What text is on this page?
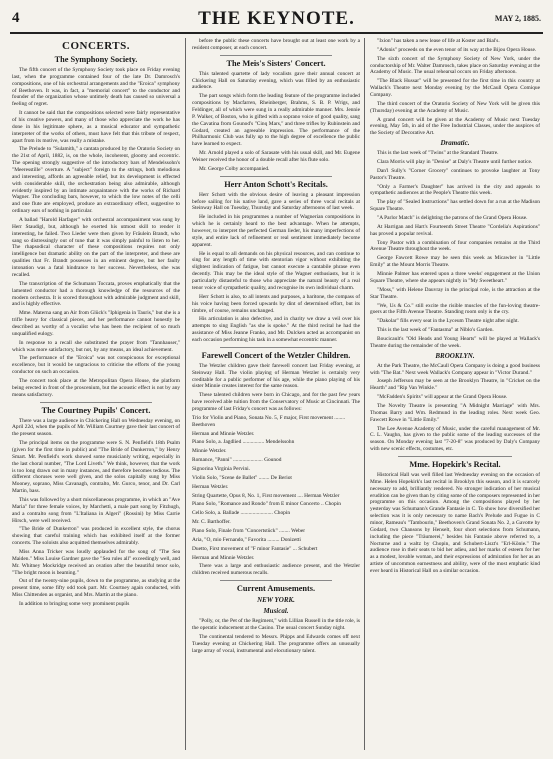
4	THE KEYNOTE.	MAY 2, 1885.
CONCERTS.
The Symphony Society.

The fifth concert of the Symphony Society took place on Friday evening last, when the programme contained four of the late Dr. Damrosch's compositions, one of his orchestral arrangements and the "Eroica" symphony of Beethoven. It was, in fact, a "memorial concert" to the conductor and founder of the organization whose untimely death has caused so universal a feeling of regret.

It cannot be said that the compositions selected were fairly representative of his creative powers, and many of those who appreciate the work he has done in his legitimate sphere, as a musical educator and sympathetic interpreter of the works of others, must have felt that this tribute of respect, apart from its motive, was really a mistake.

The Prelude to "Sulamith," a cantata produced by the Oratorio Society on the 21st of April, 1882, is, on the whole, incoherent, gloomy and eccentric. The opening strongly suggestive of the introductory bars of Mendelssohn's "Meeresstille" overture. A "subject" foreign to the strings, both melodious and interesting, affords an agreeable relief, but its development is effected with considerable skill, the orchestration being also admirable, although evidently inspired by an intimate acquaintance with the works of Richard Wagner. The concluding bars, however, to which the low notes of the celli and one flute are employed, produce an extraordinary effect, suggestive to ordinary ears of nothing in particular.

A ballad "Harold Harfager" with orchestral accompaniment was sung by Herr Staudigl, but, although he exerted his utmost skill to render it interesting, he failed. Two Lieder were then given by Fräulein Brandt, who sang so distressingly out of tune that it was simply painful to listen to her. The rhapsodical character of these compositions requires not only intelligence but dramatic ability on the part of the interpreter, and these are qualities that Fr. Brandt possesses in an eminent degree, but her faulty intonation was a fatal hindrance to her success. Nevertheless, she was recalled.

The transcription of the Schumann Toccata, proves emphatically that the lamented conductor had a thorough knowledge of the resources of the modern orchestra. It is scored throughout with admirable judgment and skill, and is highly effective.

Mme. Materna sang an Air from Glück's "Iphigenia in Tauris," but she is a trifle heavy for classical pieces, and her performance cannot honestly be described as worthy of a vocalist who has been the recipient of so much unqualified eulogy.

In response to a recall she substituted the prayer from "Tannhauser," which was more satisfactory, but not, by any means, an ideal achievement.

The performance of the "Eroica" was not conspicuous for exceptional excellence, but it would be ungracious to criticise the efforts of the young conductor on such an occasion.

The concert took place at the Metropolitan Opera House, the platform being erected in front of the proscenium, but the acoustic effect is not by any means satisfactory.

The Courtney Pupils' Concert.

There was a large audience in Chickering Hall on Wednesday evening, on April 22d, when the pupils of Mr. William Courtney gave their last concert of the present season.

The principal items on the programme were S. N. Penfield's 18th Psalm (given for the first time in public) and "The Bride of Dunkerron," by Henry Smart. Mr. Penfield's work showed some musicianly writing, especially in the last choral number, "The Lord Liveth." We think, however, that the work is too long drawn out in many instances, and therefore becomes tedious. The different choruses were well given, and the solos capitally sung by Miss Mooney, soprano, Miss Cavanagh, contralto, Mr. Gurco, tenor, and Dr. Carl Martin, bass.

This was followed by a short miscellaneous programme, in which an "Ave Maria" for three female voices, by Marchetti, a male part song by Fitzhugh, and a contralto song from "L'Italiana in Algeri" (Rossini) by Miss Carrie Hirsch, were well received.

"The Bride of Dunkerron" was produced in excellent style, the chorus showing that careful training which has exhibited itself at the former concerts. The soloists also acquitted themselves admirably.

Miss Anna Tricker was loudly applauded for the song of "The Sea Maiden." Miss Louise Gardner gave the "Sea rules all" exceedingly well, and Mr. Whitney Mockridge received an ovation after the beautiful tenor solo, "The bright moon is beaming."

Out of the twenty-nine pupils, down to the programme, as studying at the present time, some fifty odd took part. Mr. Courtney again conducted, with Miss Chittenden as organist, and Mrs. Martin at the piano.

In addition to bringing some very prominent pupils

before the public these concerts have brought out at least one work by a resident composer, at each concert.

The Meis's Sisters' Concert.

This talented quartette of lady vocalists gave their annual concert at Chickering Hall on Saturday evening, which was filled by an enthusiastic audience.

The part songs which form the leading feature of the programme included compositions by Macfarren, Rheinberger, Brahms, S. B. P. Wrigs, and Feldinger, all of which were sung in a really admirable manner. Mrs. Jennie P. Walker, of Boston, who is gifted with a soprano voice of good quality, sang the Cavatina from Gounod's "Cinq Mars," and three trifles by Rubinstein and Godard, created an agreeable impression. The performance of the Philharmonic Club was fully up to the high degree of excellence the public have learned to expect.

Mr. Arnold played a solo of Sarasate with his usual skill, and Mr. Eugene Weiner received the honor of a double recall after his flute solo.

Mr. George Colby accompanied.

Herr Anton Schott's Recitals.

Herr Schott with the obvious desire of leaving a pleasant impression before sailing for his native land, gave a series of three vocal recitals at Steinway Hall on Tuesday, Thursday and Saturday afternoons of last week.

He included in his programmes a number of Wagnerian compositions in which he is certainly heard to the best advantage. When he attempts, however, to interpret the perfected German lieder, his many imperfections of style, and entire lack of refinement or real sentiment immediately become apparent.

He is equal to all demands on his physical resources, and can continue to sing for any length of time with stentorian vigor without exhibiting the slightest indication of fatigue, but cannot execute a cantabile phrase even decently. This may be the ideal style of the Wagner enthusiasts, but it is particularly distasteful to those who appreciate the natural beauty of a real tenor voice of sympathetic quality, and recognise its own individual charm.

Herr Schott is also, to all intents and purposes, a baritone, the compass of his voice having been forced upwards by dint of determined effort, but its timbre, of course, remains unchanged.

His articulation is also defective, and in charity we draw a veil over his attempts to sing English "as she is spoke." At the third recital he had the assistance of Miss Jeanne Franko, and Mr. Dulcken acted as accompanist on each occasion performing his task in a somewhat eccentric manner.

Farewell Concert of the Wetzler Children.

The Wetzler children gave their farewell concert last Friday evening, at Steinway Hall. The violin playing of Herman Wetzler is certainly very creditable for a public performer of his age, while the piano playing of his sister Minnie creates interest for the same reason.

These talented children were born in Chicago, and for the past few years have received able tuition from the Conservatory of Music at Cincinnati. The programme of last Friday's concert was as follows:

Trio for Violin and Piano, Sonata No. 5, F major, First movement ........ Beethoven

Herman and Minnie Wetzler.

Piano Solo, a. Jagdlied ................ Mendelssohn

Minnie Wetzler.

Romance, "Panni" ...................... Gounod

Signorina Virginia Pervini.

Violin Solo, "Scene de Ballet" ........ De Beriot

Herman Wetzler.

String Quartette, Opus 8, No. 1, First movement .... Herman Wetzler

Piano Solo, "Romance and Rondo" from E minor Concerto .. Chopin

Cello Solo, a. Ballade ........................ Chopin

Mr. C. Barthoffer.

Piano Solo, Finale from "Concertstück" ........ Weber

Aria, "O, mio Fernando," Favorita ......... Donizetti

Duetto, First movement of "F minor Fantasie" ... Schubert

Herman and Minnie Wetzler.

There was a large and enthusiastic audience present, and the Wetzler children received numerous recalls.

Current Amusements.
NEW YORK.
Musical.

"Polly, or, the Pet of the Regiment," with Lillian Russell in the title role, is the operatic inducement at the Casino. The usual concert Sunday night.

The continental tendered to Messrs. Phipps and Edwards comes off next Tuesday evening at Chickering Hall. The programme offers an unusually large array of vocal, instrumental and elocutionary talent.

"Ixion" has taken a new lease of life at Koster and Bial's.

"Adonis" proceeds on the even tenor of its way at the Bijou Opera House.

The sixth concert of the Symphony Society of New York, under the conductorship of Mr. Walter Damrosch, takes place on Saturday evening at the Academy of Music. The usual rehearsal occurs on Friday afternoon.

"The Black Hussar" will be presented for the first time in this country at Wallack's Theatre next Monday evening by the McCaull Opera Comique Company.

The third concert of the Oratorio Society of New York will be given this (Thursday) evening at the Academy of Music.

A grand concert will be given at the Academy of Music next Tuesday evening, May 5th, in aid of the Free Industrial Classes, under the auspices of the Society of Decorative Art.

Dramatic.

This is the last week of "Twins" at the Standard Theatre.

Clara Morris will play in "Denise" at Daly's Theatre until further notice.

Dan'l Sully's "Corner Grocery" continues to provoke laughter at Tony Pastor's Theatre.

"Only a Farmer's Daughter" has arrived in the city and appeals to sympathetic audiences at the People's Theatre this week.

The play of "Sealed Instructions" has settled down for a run at the Madison Square Theatre.

"A Parlor Match" is delighting the patrons of the Grand Opera House.

At Harrigan and Hart's Fourteenth Street Theatre "Cordelia's Aspirations" has proved a popular revival.

Tony Pastor with a combination of four companies remains at the Third Avenue Theatre throughout the week.

George Fawcett Rowe may be seen this week as Micawber in "Little Emily" at the Mount Morris Theatre.

Minnie Palmer has entered upon a three weeks' engagement at the Union Square Theatre, where she appears nightly in "My Sweetheart."

"Moss," with Helene Dauvray in the principal role, is the attraction at the Star Theatre.

"We, Us & Co." still excite the risible muscles of the fun-loving theatre-goers at the Fifth Avenue Theatre. Standing room only is the cry.

"Dakolar" fills every seat in the Lyceum Theatre night after night.

This is the last week of "Fantasma" at Niblo's Garden.

Boucicault's "Old Heads and Young Hearts" will be played at Wallack's Theatre during the remainder of the week.

BROOKLYN.

At the Park Theatre, the McCaull Opera Company is doing a good business with "The Bat." Next week Wallack's Company appear in "Victor Durand."

Joseph Jefferson may be seen at the Brooklyn Theatre, in "Cricket on the Hearth" and "Rip Van Winkle."

"McFadden's Spirits" will appear at the Grand Opera House.

The Novelty Theatre is presenting "A Midnight Marriage" with Mrs. Thomas Barry and Wm. Redmund in the leading roles. Next week Geo. Fawcett Rowe in "Little Emily."

The Lee Avenue Academy of Music, under the careful management of Mr. C. L. Vaughn, has given to the public some of the leading successes of the season. On Monday evening last "7-20-8" was produced by Daly's Company with new scenic effects, costumes, etc.

Mme. Hopekirk's Recital.

Historical Hall was well filled last Wednesday evening on the occasion of Mme. Helen Hopekirk's last recital in Brooklyn this season, and it is scarcely necessary to add, brilliantly rendered. No stronger indication of her musical erudition can be given than by citing some of the composers represented in her programme on this occasion. Among the compositions played by her yesterday was Schumann's Grande Fantasie in C. To show how diversified her selection was it is only necessary to name Bach's Prelude and Fugue in C minor, Rameau's "Tambourin," Beethoven's Grand Sonata No. 2, a Gavotte by Godard, two Chansons by Henselt, four short selections from Schumann, including the piece "Träumerei," besides his Fantasie above referred to, a Nocturne and a waltz by Chopin, and Schubert-Liszt's "Erl-Könie." The audience rose in their seats to bid her adieu, and her marks of esteem for her as a modest, lovable woman, and their expressions of admiration for her as an artiste of uncommon earnestness and ability, were of the most emphatic kind ever heard in Historical Hall on a similar occasion.
